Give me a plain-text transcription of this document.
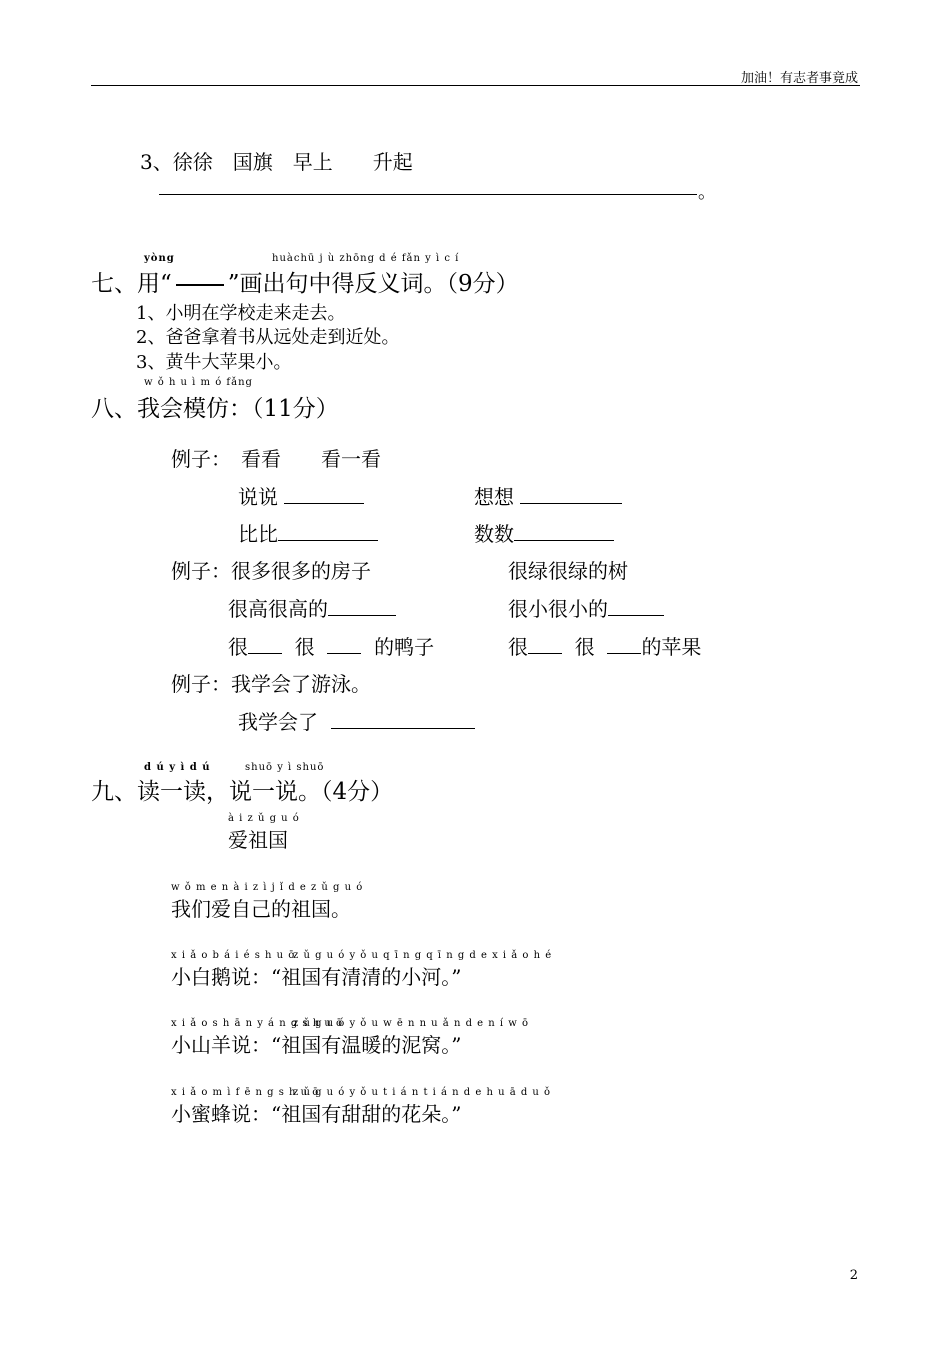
加油！有志者事竟成
3、徐徐　国旗　早上　　升起
。
yòng	huàchū j ù zhōng d é fǎn y ì c í
七、用“ ”画出句中得反义词。（9分）
1、小明在学校走来走去。
2、爸爸拿着书从远处走到近处。
3、黄牛大苹果小。
w ǒ h u ì m ó fǎng
八、我会模仿：（11分）
例子：　看看　　看一看
说说	想想
比比	数数
例子：很多很多的房子	很绿很绿的树
很高很高的	很小很小的
很 很	的鸭子	很 很 的苹果
例子：我学会了游泳。
我学会了
d ú y ì d ú	shuō y ì shuō
九、读一读，说一说。（4分）
à i z ǔ g u ó
爱祖国
w ǒ m e n à i z ì j ǐ d e z ǔ g u ó
我们爱自己的祖国。
x i ǎ o b á i é s h u ō
z ǔ g u ó y ǒ u q ī n g q ī n g d e x i ǎ o h é
小白鹅说：“祖国有清清的小河。”
x i ǎ o s h ā n y á n g s h u ō
z ǔ g u ó y ǒ u w ē n n u ǎ n d e n í w ō
小山羊说：“祖国有温暖的泥窝。”
x i ǎ o m ì f ē n g s h u ō
z ǔ g u ó y ǒ u t i á n t i á n d e h u ā d u ǒ
小蜜蜂说：“祖国有甜甜的花朵。”
2
